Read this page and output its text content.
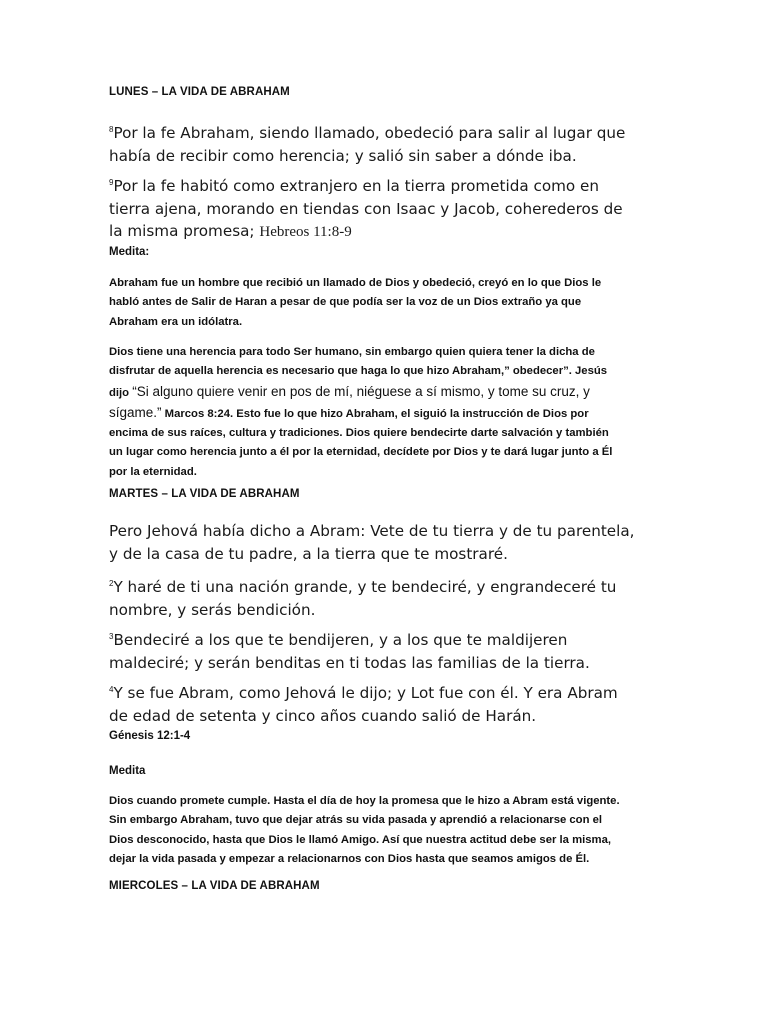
LUNES – LA VIDA DE ABRAHAM
$^8$Por la fe Abraham, siendo llamado, obedeció para salir al lugar que
había de recibir como herencia; y salió sin saber a dónde iba.
$^9$Por la fe habitó como extranjero en la tierra prometida como en
tierra ajena, morando en tiendas con Isaac y Jacob, coherederos de
la misma promesa; Hebreos 11:8-9
Medita:
Abraham fue un hombre que recibió un llamado de Dios y obedeció, creyó en lo que Dios le
habló antes de Salir de Haran a pesar de que podía ser la voz de un Dios extraño ya que
Abraham era un idólatra.
Dios tiene una herencia para todo Ser humano, sin embargo quien quiera tener la dicha de
disfrutar de aquella herencia es necesario que haga lo que hizo Abraham,” obedecer”. Jesús
dijo “Si alguno quiere venir en pos de mí, niéguese a sí mismo, y tome su cruz, y
sígame.” Marcos 8:24. Esto fue lo que hizo Abraham, el siguió la instrucción de Dios por
encima de sus raíces, cultura y tradiciones. Dios quiere bendecirte darte salvación y también
un lugar como herencia junto a él por la eternidad, decídete por Dios y te dará lugar junto a Él
por la eternidad.
MARTES – LA VIDA DE ABRAHAM
Pero Jehová había dicho a Abram: Vete de tu tierra y de tu parentela,
y de la casa de tu padre, a la tierra que te mostraré.
$^2$Y haré de ti una nación grande, y te bendeciré, y engrandeceré tu
nombre, y serás bendición.
$^3$Bendeciré a los que te bendijeren, y a los que te maldijeren
maldeciré; y serán benditas en ti todas las familias de la tierra.
$^4$Y se fue Abram, como Jehová le dijo; y Lot fue con él. Y era Abram
de edad de setenta y cinco años cuando salió de Harán.
Génesis 12:1-4
Medita
Dios cuando promete cumple. Hasta el día de hoy la promesa que le hizo a Abram está vigente.
Sin embargo Abraham, tuvo que dejar atrás su vida pasada y aprendió a relacionarse con el
Dios desconocido, hasta que Dios le llamó Amigo. Así que nuestra actitud debe ser la misma,
dejar la vida pasada y empezar a relacionarnos con Dios hasta que seamos amigos de Él.
MIERCOLES – LA VIDA DE ABRAHAM
